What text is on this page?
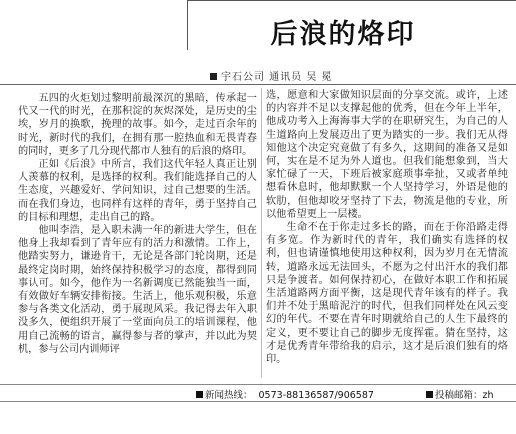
后浪的烙印
宇石公司 通讯员 吴 冕

五四的火炬划过黎明前最深沉的黑暗，传承起一代又一代的时光，在那积淀的灰烬深处，是历史的尘埃，岁月的换歌，挽理的故事。如今，走过百余年的时光，新时代的我们，在拥有那一腔热血和无畏青春的同时，更多了几分现代都市人独有的后浪的烙印。

正如《后浪》中所言，我们这代年轻人真正让别人羡慕的权利，是选择的权利。我们能选择自己的人生态度，兴趣爱好、学问知识，过自己想要的生活。而在我们身边，也同样有这样的青年，勇于坚持自己的目标和理想，走出自己的路。

他叫李浩，是入职未满一年的新进大学生，但在他身上我却看到了青年应有的活力和激情。工作上，他踏实努力，谦逊肯干，无论是各部门轮岗期，还是最终定岗时期，始终保持积极学习的态度，都得到同事认可。如今，他作为一名新调度已然能独当一面，有效做好车辆安排衔接。生活上，他乐观积极，乐意参与各类文化活动，勇于展现风采。我记得去年入职没多久，便组织开展了一堂面向员工的培训课程，他用自己流畅的语言，赢得参与者的掌声，并以此为契机，参与公司内训师评

选，愿意和大家做知识层面的分享交流。或许，上述的内容并不足以支撑起他的优秀，但在今年上半年，他成功考入上海海事大学的在职研究生，为自己的人生道路向上发展迈出了更为踏实的一步。我们无从得知他这个决定究竟做了有多久，这期间的准备又是如何，实在是不足为外人道也。但我们能想象到，当大家忙碌了一天，下班后被家庭琐事牵扯，又或者单纯想看休息时，他却默默一个人坚持学习，外语是他的软肋，但他却咬牙坚持了下去，物流是他的专业，所以他希望更上一层楼。

生命不在于你走过多长的路，而在于你沿路走得有多宽。作为新时代的青年，我们确实有选择的权利，但也请谨慎地使用这种权利，因为岁月在无情流转，道路永远无法回头，不愿为之付出汗水的我们都只是争渡者。如何保持初心，在做好本职工作和拓展生活道路两方面平衡，这是现代青年该有的样子。我们并不处于黑暗泥泞的时代，但我们同样处在风云变幻的年代。不要在青年时期就给自己的人生下最终的定义，更不要让自己的脚步无度挥霍。猜在坚持，这才是优秀青年带给我的启示，这才是后浪们独有的烙印。

新闻热线： 0573-88136587/906587	投稿邮箱：zh
